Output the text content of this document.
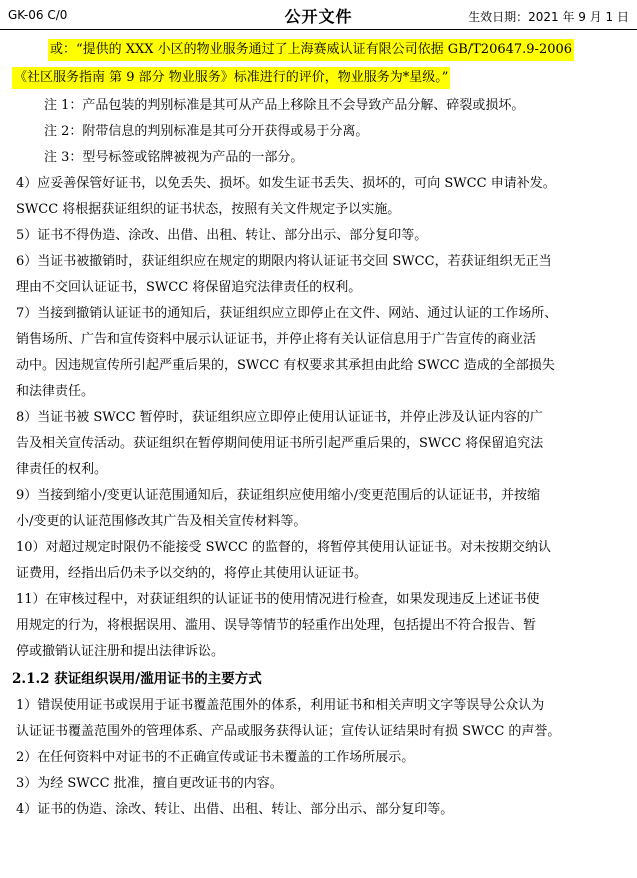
GK-06 C/0	公开文件	生效日期：2021 年 9 月 1 日
或：“提供的 XXX 小区的物业服务通过了上海赛威认证有限公司依据 GB/T20647.9-2006
《社区服务指南 第 9 部分 物业服务》标准进行的评价，物业服务为*星级。”

注 1：产品包装的判别标准是其可从产品上移除且不会导致产品分解、碎裂或损坏。

注 2：附带信息的判别标准是其可分开获得或易于分离。

注 3：型号标签或铭牌被视为产品的一部分。

4）应妥善保管好证书，以免丢失、损坏。如发生证书丢失、损坏的，可向 SWCC 申请补发。
SWCC 将根据获证组织的证书状态，按照有关文件规定予以实施。

5）证书不得伪造、涂改、出借、出租、转让、部分出示、部分复印等。

6）当证书被撤销时，获证组织应在规定的期限内将认证证书交回 SWCC，若获证组织无正当
理由不交回认证证书，SWCC 将保留追究法律责任的权利。

7）当接到撤销认证证书的通知后，获证组织应立即停止在文件、网站、通过认证的工作场所、
销售场所、广告和宣传资料中展示认证证书，并停止将有关认证信息用于广告宣传的商业活
动中。因违规宣传所引起严重后果的，SWCC 有权要求其承担由此给 SWCC 造成的全部损失
和法律责任。

8）当证书被 SWCC 暂停时，获证组织应立即停止使用认证证书，并停止涉及认证内容的广
告及相关宣传活动。获证组织在暂停期间使用证书所引起严重后果的，SWCC 将保留追究法
律责任的权利。

9）当接到缩小/变更认证范围通知后，获证组织应使用缩小/变更范围后的认证证书，并按缩
小/变更的认证范围修改其广告及相关宣传材料等。

10）对超过规定时限仍不能接受 SWCC 的监督的，将暂停其使用认证证书。对未按期交纳认
证费用，经指出后仍未予以交纳的，将停止其使用认证证书。

11）在审核过程中，对获证组织的认证证书的使用情况进行检查，如果发现违反上述证书使
用规定的行为，将根据误用、滥用、误导等情节的轻重作出处理，包括提出不符合报告、暂
停或撤销认证注册和提出法律诉讼。

2.1.2 获证组织误用/滥用证书的主要方式

1）错误使用证书或误用于证书覆盖范围外的体系，利用证书和相关声明文字等误导公众认为
认证证书覆盖范围外的管理体系、产品或服务获得认证；宣传认证结果时有损 SWCC 的声誉。

2）在任何资料中对证书的不正确宣传或证书未覆盖的工作场所展示。

3）为经 SWCC 批准，擅自更改证书的内容。

4）证书的伪造、涂改、转让、出借、出租、转让、部分出示、部分复印等。
